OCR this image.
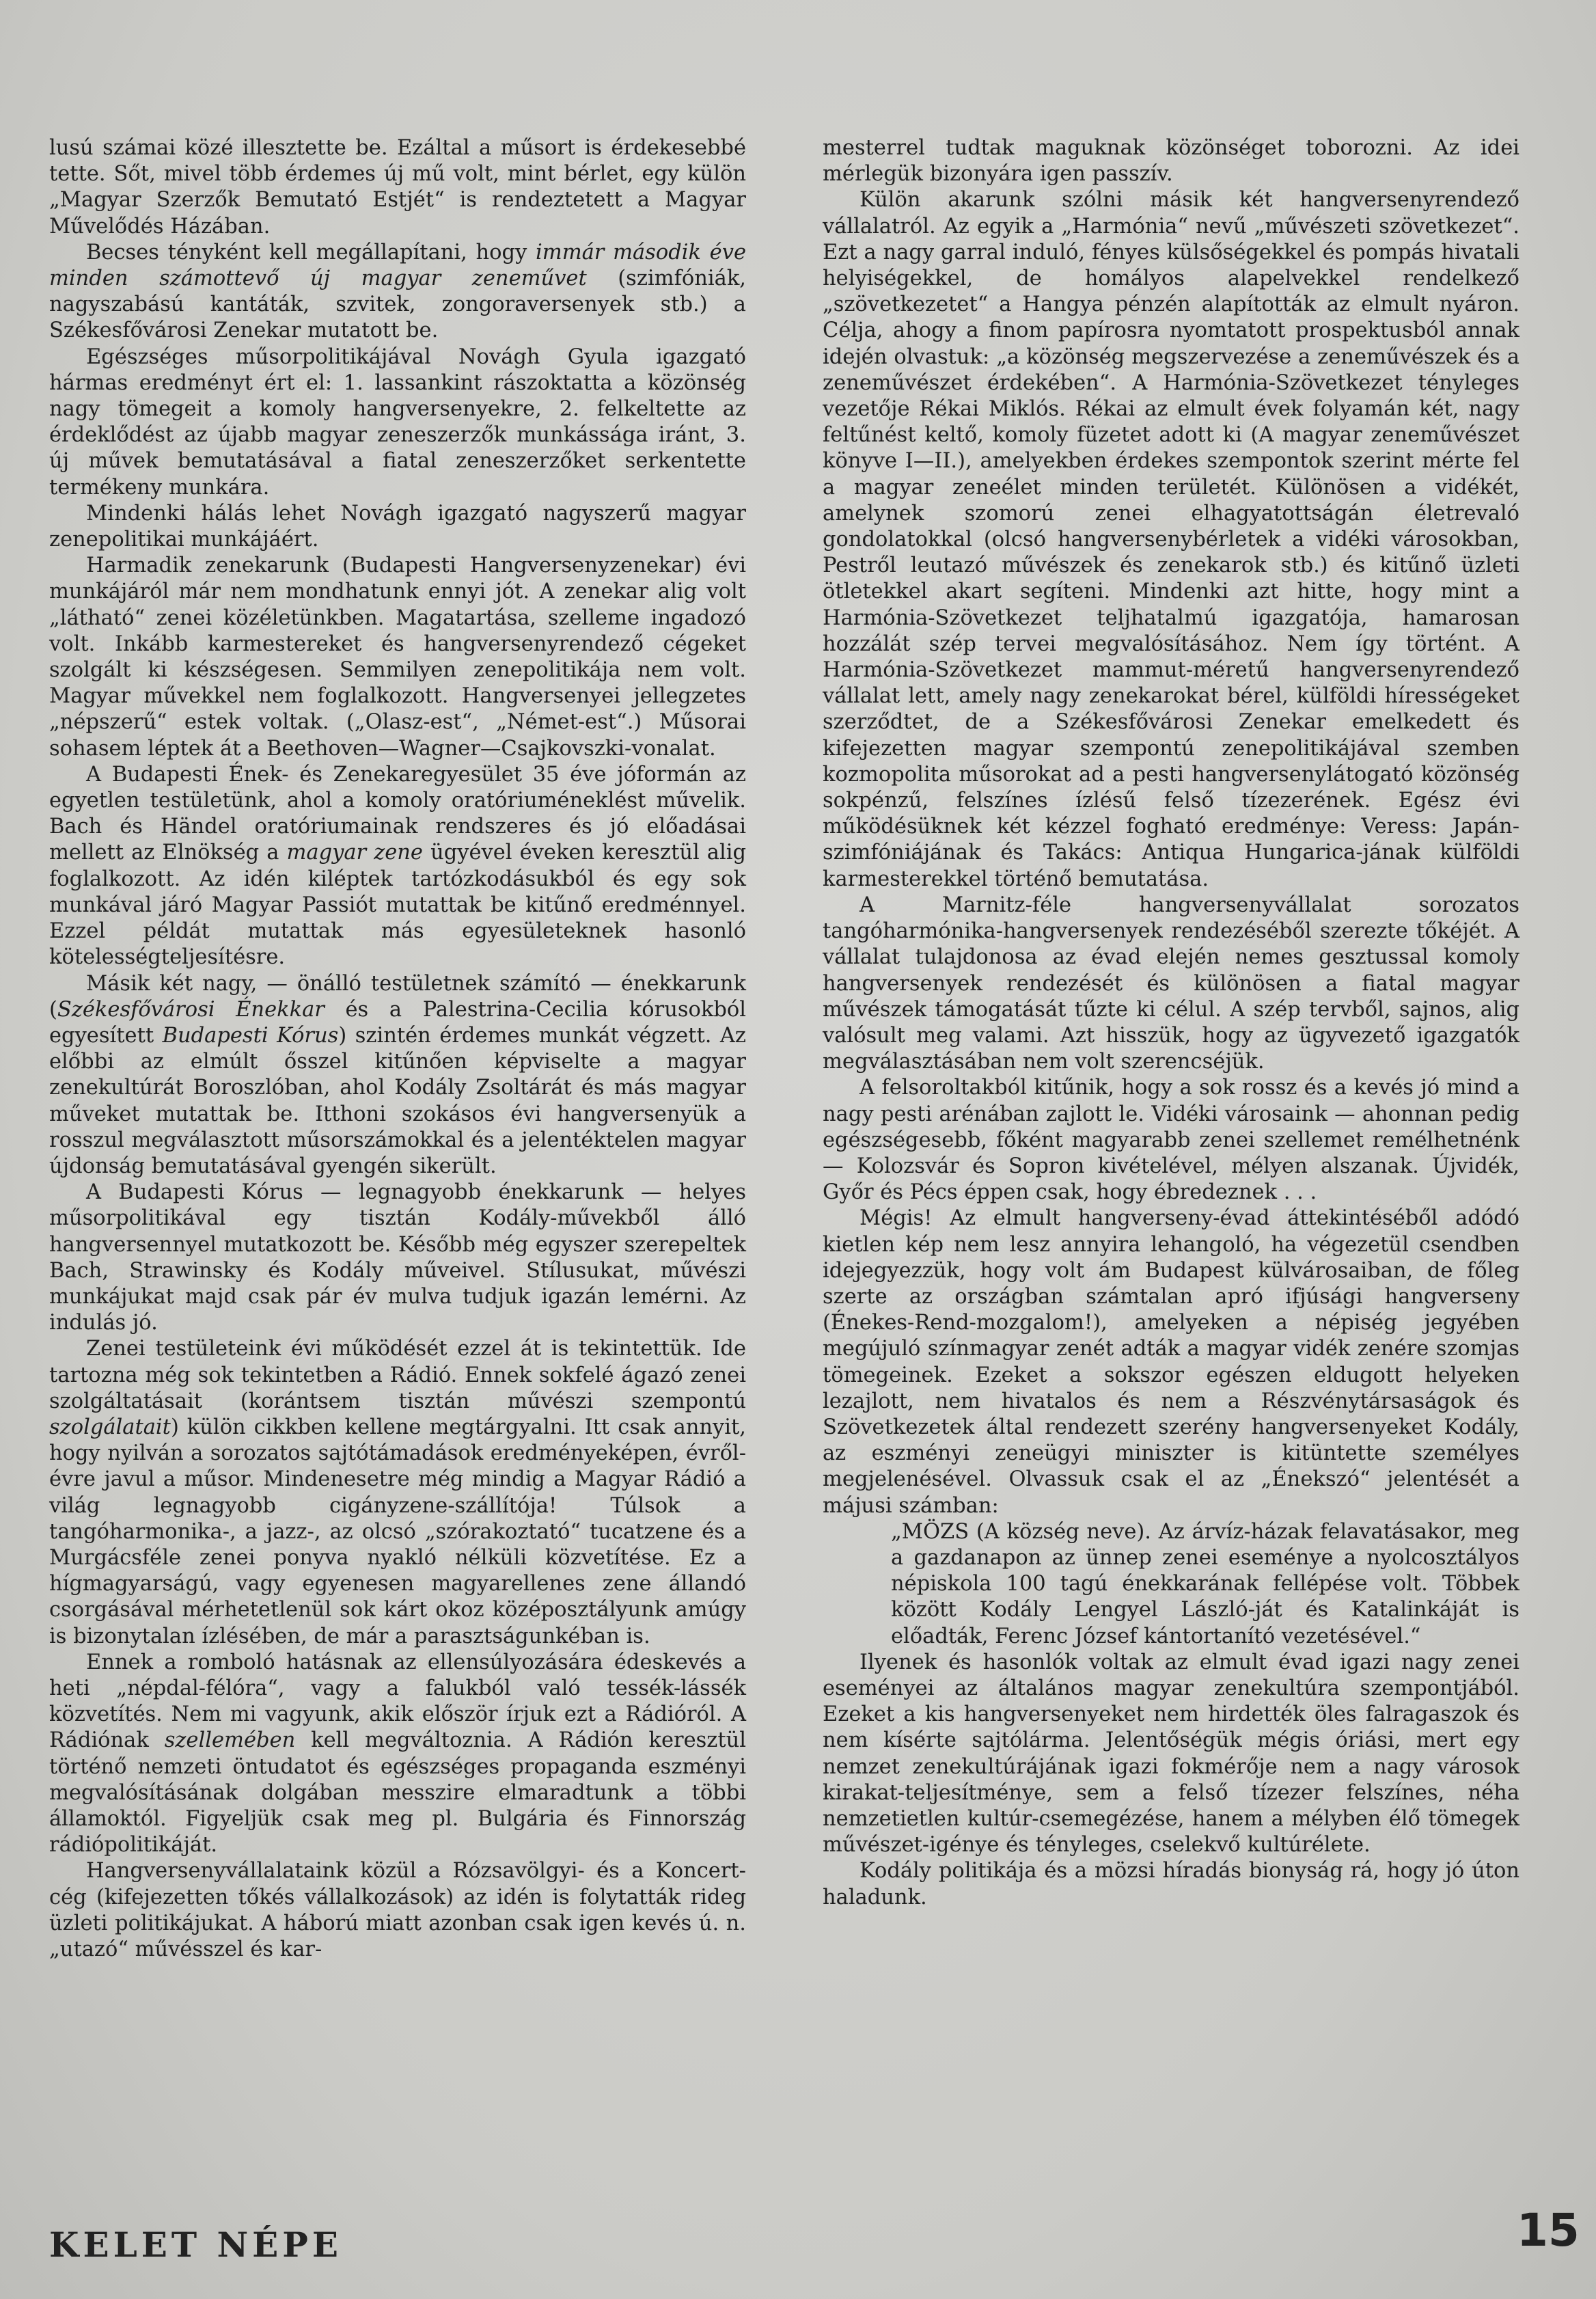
lusú számai közé illesztette be. Ezáltal a műsort is érdekesebbé tette. Sőt, mivel több érdemes új mű volt, mint bérlet, egy külön „Magyar Szerzők Bemutató Estjét“ is rendeztetett a Magyar Művelődés Házában.

Becses tényként kell megállapítani, hogy immár második éve minden számottevő új magyar zeneművet (szimfóniák, nagyszabású kantáták, szvitek, zongoraversenyek stb.) a Székesfővárosi Zenekar mutatott be.

Egészséges műsorpolitikájával Novágh Gyula igazgató hármas eredményt ért el: 1. lassankint rászoktatta a közönség nagy tömegeit a komoly hangversenyekre, 2. felkeltette az érdeklődést az újabb magyar zeneszerzők munkássága iránt, 3. új művek bemutatásával a fiatal zeneszerzőket serkentette termékeny munkára.

Mindenki hálás lehet Novágh igazgató nagyszerű magyar zenepolitikai munkájáért.

Harmadik zenekarunk (Budapesti Hangversenyzenekar) évi munkájáról már nem mondhatunk ennyi jót. A zenekar alig volt „látható“ zenei közéletünkben. Magatartása, szelleme ingadozó volt. Inkább karmestereket és hangversenyrendező cégeket szolgált ki készségesen. Semmilyen zenepolitikája nem volt. Magyar művekkel nem foglalkozott. Hangversenyei jellegzetes „népszerű“ estek voltak. („Olasz-est“, „Német-est“.) Műsorai sohasem léptek át a Beethoven—Wagner—Csajkovszki-vonalat.

A Budapesti Ének- és Zenekaregyesület 35 éve jóformán az egyetlen testületünk, ahol a komoly oratóriuméneklést művelik. Bach és Händel oratóriumainak rendszeres és jó előadásai mellett az Elnökség a magyar zene ügyével éveken keresztül alig foglalkozott. Az idén kiléptek tartózkodásukból és egy sok munkával járó Magyar Passiót mutattak be kitűnő eredménnyel. Ezzel példát mutattak más egyesületeknek hasonló kötelességteljesítésre.

Másik két nagy, — önálló testületnek számító — énekkarunk (Székesfővárosi Énekkar és a Palestrina-Cecilia kórusokból egyesített Budapesti Kórus) szintén érdemes munkát végzett. Az előbbi az elmúlt ősszel kitűnően képviselte a magyar zenekultúrát Boroszlóban, ahol Kodály Zsoltárát és más magyar műveket mutattak be. Itthoni szokásos évi hangversenyük a rosszul megválasztott műsorszámokkal és a jelentéktelen magyar újdonság bemutatásával gyengén sikerült.

A Budapesti Kórus — legnagyobb énekkarunk — helyes műsorpolitikával egy tisztán Kodály-művekből álló hangversennyel mutatkozott be. Később még egyszer szerepeltek Bach, Strawinsky és Kodály műveivel. Stílusukat, művészi munkájukat majd csak pár év mulva tudjuk igazán lemérni. Az indulás jó.

Zenei testületeink évi működését ezzel át is tekintettük. Ide tartozna még sok tekintetben a Rádió. Ennek sokfelé ágazó zenei szolgáltatásait (korántsem tisztán művészi szempontú szolgálatait) külön cikkben kellene megtárgyalni. Itt csak annyit, hogy nyilván a sorozatos sajtótámadások eredményeképen, évről-évre javul a műsor. Mindenesetre még mindig a Magyar Rádió a világ legnagyobb cigányzene-szállítója! Túlsok a tangóharmonika-, a jazz-, az olcsó „szórakoztató“ tucatzene és a Murgácsféle zenei ponyva nyakló nélküli közvetítése. Ez a hígmagyarságú, vagy egyenesen magyarellenes zene állandó csorgásával mérhetetlenül sok kárt okoz középosztályunk amúgy is bizonytalan ízlésében, de már a parasztságunkéban is.

Ennek a romboló hatásnak az ellensúlyozására édeskevés a heti „népdal-félóra“, vagy a falukból való tessék-lássék közvetítés. Nem mi vagyunk, akik először írjuk ezt a Rádióról. A Rádiónak szellemében kell megváltoznia. A Rádión keresztül történő nemzeti öntudatot és egészséges propaganda eszményi megvalósításának dolgában messzire elmaradtunk a többi államoktól. Figyeljük csak meg pl. Bulgária és Finnország rádiópolitikáját.

Hangversenyvállalataink közül a Rózsavölgyi- és a Koncert-cég (kifejezetten tőkés vállalkozások) az idén is folytatták rideg üzleti politikájukat. A háború miatt azonban csak igen kevés ú. n. „utazó“ művésszel és kar-

mesterrel tudtak maguknak közönséget toborozni. Az idei mérlegük bizonyára igen passzív.

Külön akarunk szólni másik két hangversenyrendező vállalatról. Az egyik a „Harmónia“ nevű „művészeti szövetkezet“. Ezt a nagy garral induló, fényes külsőségekkel és pompás hivatali helyiségekkel, de homályos alapelvekkel rendelkező „szövetkezetet“ a Hangya pénzén alapították az elmult nyáron. Célja, ahogy a finom papírosra nyomtatott prospektusból annak idején olvastuk: „a közönség megszervezése a zeneművészek és a zeneművészet érdekében“. A Harmónia-Szövetkezet tényleges vezetője Rékai Miklós. Rékai az elmult évek folyamán két, nagy feltűnést keltő, komoly füzetet adott ki (A magyar zeneművészet könyve I—II.), amelyekben érdekes szempontok szerint mérte fel a magyar zeneélet minden területét. Különösen a vidékét, amelynek szomorú zenei elhagyatottságán életrevaló gondolatokkal (olcsó hangversenybérletek a vidéki városokban, Pestről leutazó művészek és zenekarok stb.) és kitűnő üzleti ötletekkel akart segíteni. Mindenki azt hitte, hogy mint a Harmónia-Szövetkezet teljhatalmú igazgatója, hamarosan hozzálát szép tervei megvalósításához. Nem így történt. A Harmónia-Szövetkezet mammut-méretű hangversenyrendező vállalat lett, amely nagy zenekarokat bérel, külföldi hírességeket szerződtet, de a Székesfővárosi Zenekar emelkedett és kifejezetten magyar szempontú zenepolitikájával szemben kozmopolita műsorokat ad a pesti hangversenylátogató közönség sokpénzű, felszínes ízlésű felső tízezerének. Egész évi működésüknek két kézzel fogható eredménye: Veress: Japán-szimfóniájának és Takács: Antiqua Hungarica-jának külföldi karmesterekkel történő bemutatása.

A Marnitz-féle hangversenyvállalat sorozatos tangóharmónika-hangversenyek rendezéséből szerezte tőkéjét. A vállalat tulajdonosa az évad elején nemes gesztussal komoly hangversenyek rendezését és különösen a fiatal magyar művészek támogatását tűzte ki célul. A szép tervből, sajnos, alig valósult meg valami. Azt hisszük, hogy az ügyvezető igazgatók megválasztásában nem volt szerencséjük.

A felsoroltakból kitűnik, hogy a sok rossz és a kevés jó mind a nagy pesti arénában zajlott le. Vidéki városaink — ahonnan pedig egészségesebb, főként magyarabb zenei szellemet remélhetnénk — Kolozsvár és Sopron kivételével, mélyen alszanak. Újvidék, Győr és Pécs éppen csak, hogy ébredeznek . . .

Mégis! Az elmult hangverseny-évad áttekintéséből adódó kietlen kép nem lesz annyira lehangoló, ha végezetül csendben idejegyezzük, hogy volt ám Budapest külvárosaiban, de főleg szerte az országban számtalan apró ifjúsági hangverseny (Énekes-Rend-mozgalom!), amelyeken a népiség jegyében megújuló színmagyar zenét adták a magyar vidék zenére szomjas tömegeinek. Ezeket a sokszor egészen eldugott helyeken lezajlott, nem hivatalos és nem a Részvénytársaságok és Szövetkezetek által rendezett szerény hangversenyeket Kodály, az eszményi zeneügyi miniszter is kitüntette személyes megjelenésével. Olvassuk csak el az „Énekszó“ jelentését a májusi számban:

„MÖZS (A község neve). Az árvíz-házak felavatásakor, meg a gazdanapon az ünnep zenei eseménye a nyolcosztályos népiskola 100 tagú énekkarának fellépése volt. Többek között Kodály Lengyel László-ját és Katalinkáját is előadták, Ferenc József kántortanító vezetésével.“

Ilyenek és hasonlók voltak az elmult évad igazi nagy zenei eseményei az általános magyar zenekultúra szempontjából. Ezeket a kis hangversenyeket nem hirdették öles falragaszok és nem kísérte sajtólárma. Jelentőségük mégis óriási, mert egy nemzet zenekultúrájának igazi fokmérője nem a nagy városok kirakat-teljesítménye, sem a felső tízezer felszínes, néha nemzetietlen kultúr-csemegézése, hanem a mélyben élő tömegek művészet-igénye és tényleges, cselekvő kultúrélete.

Kodály politikája és a mözsi híradás bionyság rá, hogy jó úton haladunk.

KELET NÉPE	15
